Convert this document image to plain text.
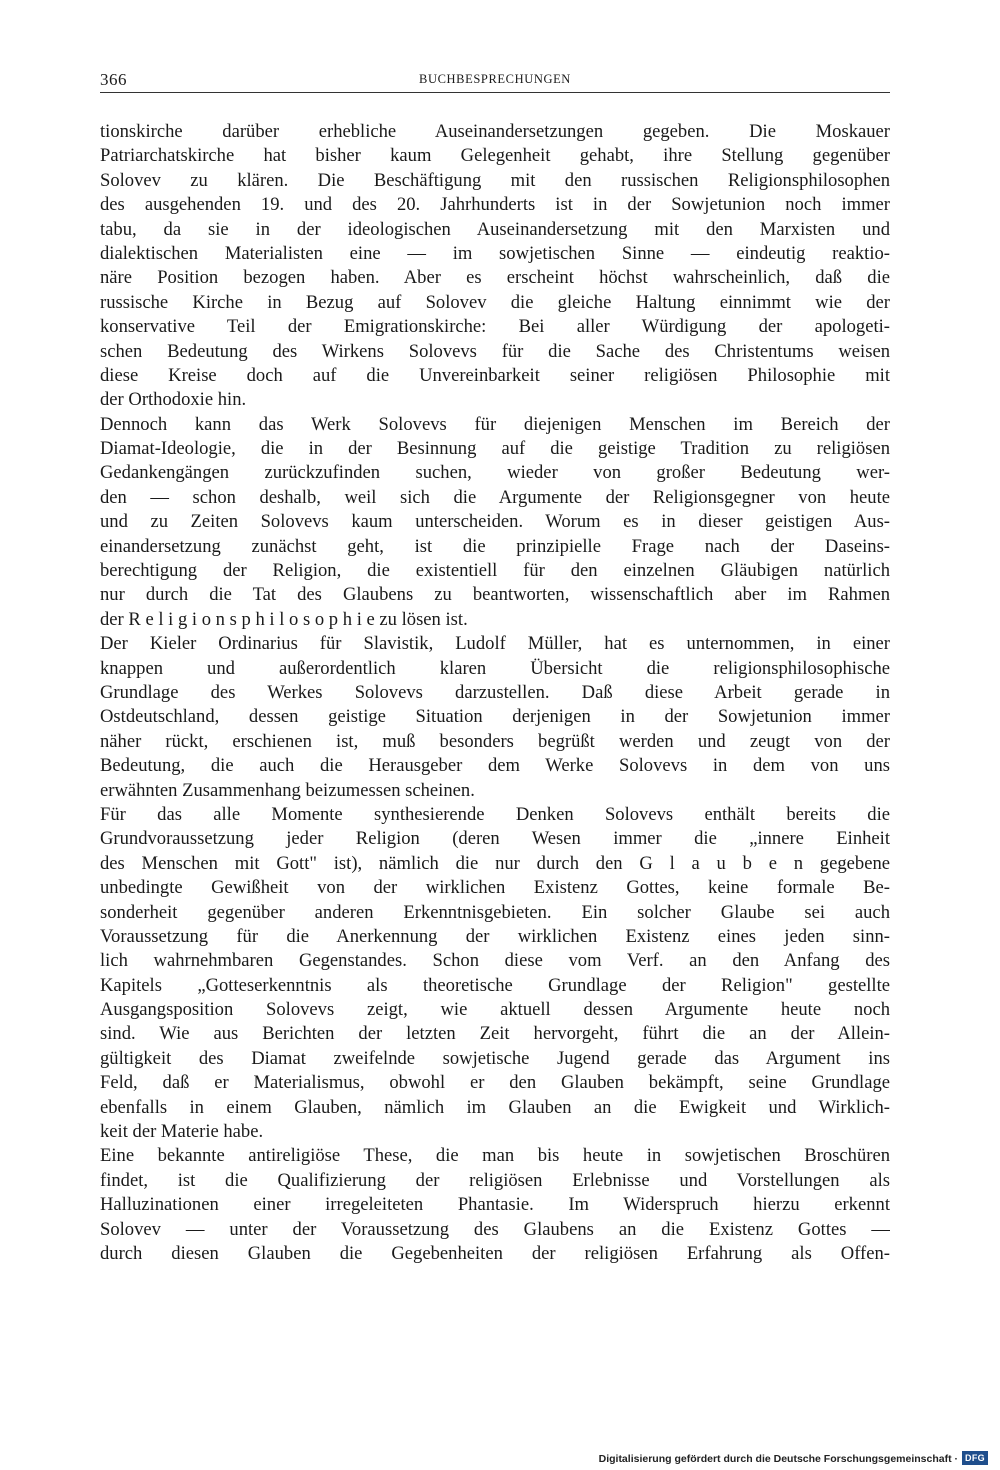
366	BUCHBESPRECHUNGEN
tionskirche darüber erhebliche Auseinandersetzungen gegeben. Die Moskauer
Patriarchatskirche hat bisher kaum Gelegenheit gehabt, ihre Stellung gegenüber
Solovev zu klären. Die Beschäftigung mit den russischen Religionsphilosophen
des ausgehenden 19. und des 20. Jahrhunderts ist in der Sowjetunion noch immer
tabu, da sie in der ideologischen Auseinandersetzung mit den Marxisten und
dialektischen Materialisten eine — im sowjetischen Sinne — eindeutig reaktio-
näre Position bezogen haben. Aber es erscheint höchst wahrscheinlich, daß die
russische Kirche in Bezug auf Solovev die gleiche Haltung einnimmt wie der
konservative Teil der Emigrationskirche: Bei aller Würdigung der apologeti-
schen Bedeutung des Wirkens Solovevs für die Sache des Christentums weisen
diese Kreise doch auf die Unvereinbarkeit seiner religiösen Philosophie mit
der Orthodoxie hin.
Dennoch kann das Werk Solovevs für diejenigen Menschen im Bereich der
Diamat-Ideologie, die in der Besinnung auf die geistige Tradition zu religiösen
Gedankengängen zurückzufinden suchen, wieder von großer Bedeutung wer-
den — schon deshalb, weil sich die Argumente der Religionsgegner von heute
und zu Zeiten Solovevs kaum unterscheiden. Worum es in dieser geistigen Aus-
einandersetzung zunächst geht, ist die prinzipielle Frage nach der Daseins-
berechtigung der Religion, die existentiell für den einzelnen Gläubigen natürlich
nur durch die Tat des Glaubens zu beantworten, wissenschaftlich aber im Rahmen
der R e l i g i o n s p h i l o s o p h i e zu lösen ist.
Der Kieler Ordinarius für Slavistik, Ludolf Müller, hat es unternommen, in einer
knappen und außerordentlich klaren Übersicht die religionsphilosophische
Grundlage des Werkes Solovevs darzustellen. Daß diese Arbeit gerade in
Ostdeutschland, dessen geistige Situation derjenigen in der Sowjetunion immer
näher rückt, erschienen ist, muß besonders begrüßt werden und zeugt von der
Bedeutung, die auch die Herausgeber dem Werke Solovevs in dem von uns
erwähnten Zusammenhang beizumessen scheinen.
Für das alle Momente synthesierende Denken Solovevs enthält bereits die
Grundvoraussetzung jeder Religion (deren Wesen immer die „innere Einheit
des Menschen mit Gott" ist), nämlich die nur durch den G l a u b e n gegebene
unbedingte Gewißheit von der wirklichen Existenz Gottes, keine formale Be-
sonderheit gegenüber anderen Erkenntnisgebieten. Ein solcher Glaube sei auch
Voraussetzung für die Anerkennung der wirklichen Existenz eines jeden sinn-
lich wahrnehmbaren Gegenstandes. Schon diese vom Verf. an den Anfang des
Kapitels „Gotteserkenntnis als theoretische Grundlage der Religion" gestellte
Ausgangsposition Solovevs zeigt, wie aktuell dessen Argumente heute noch
sind. Wie aus Berichten der letzten Zeit hervorgeht, führt die an der Allein-
gültigkeit des Diamat zweifelnde sowjetische Jugend gerade das Argument ins
Feld, daß er Materialismus, obwohl er den Glauben bekämpft, seine Grundlage
ebenfalls in einem Glauben, nämlich im Glauben an die Ewigkeit und Wirklich-
keit der Materie habe.
Eine bekannte antireligiöse These, die man bis heute in sowjetischen Broschüren
findet, ist die Qualifizierung der religiösen Erlebnisse und Vorstellungen als
Halluzinationen einer irregeleiteten Phantasie. Im Widerspruch hierzu erkennt
Solovev — unter der Voraussetzung des Glaubens an die Existenz Gottes —
durch diesen Glauben die Gegebenheiten der religiösen Erfahrung als Offen-
Digitalisierung gefördert durch die Deutsche Forschungsgemeinschaft · DFG
